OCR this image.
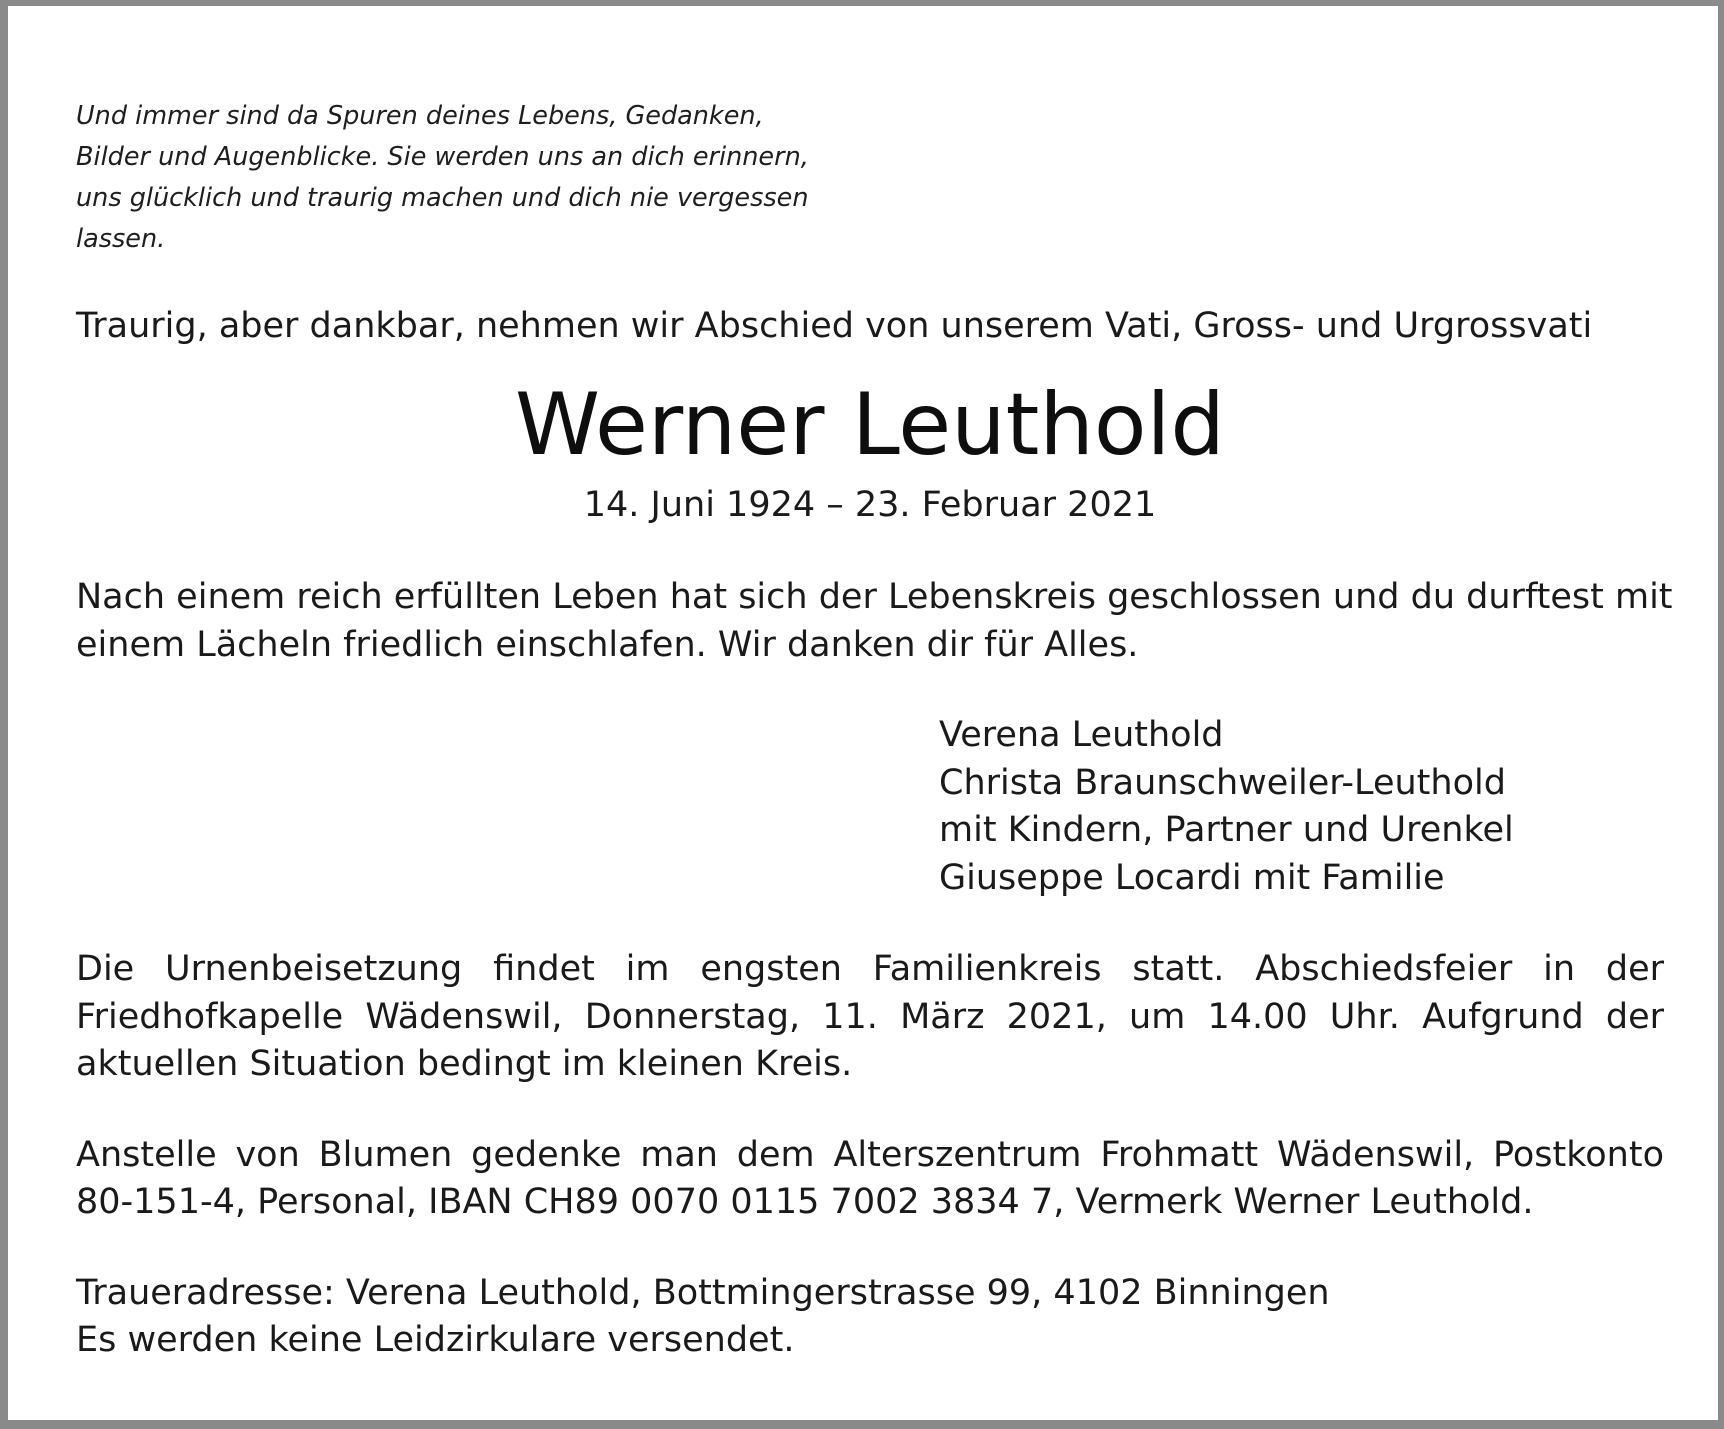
Und immer sind da Spuren deines Lebens, Gedanken,
Bilder und Augenblicke. Sie werden uns an dich erinnern,
uns glücklich und traurig machen und dich nie vergessen
lassen.
Traurig, aber dankbar, nehmen wir Abschied von unserem Vati, Gross- und Urgrossvati
Werner Leuthold
14. Juni 1924 – 23. Februar 2021
Nach einem reich erfüllten Leben hat sich der Lebenskreis geschlossen und du durftest mit
einem Lächeln friedlich einschlafen. Wir danken dir für Alles.
Verena Leuthold
Christa Braunschweiler-Leuthold
mit Kindern, Partner und Urenkel
Giuseppe Locardi mit Familie
Die Urnenbeisetzung findet im engsten Familienkreis statt. Abschiedsfeier in der
Friedhofkapelle Wädenswil, Donnerstag, 11. März 2021, um 14.00 Uhr. Aufgrund der
aktuellen Situation bedingt im kleinen Kreis.
Anstelle von Blumen gedenke man dem Alterszentrum Frohmatt Wädenswil, Postkonto
80-151-4, Personal, IBAN CH89 0070 0115 7002 3834 7, Vermerk Werner Leuthold.
Traueradresse: Verena Leuthold, Bottmingerstrasse 99, 4102 Binningen
Es werden keine Leidzirkulare versendet.
